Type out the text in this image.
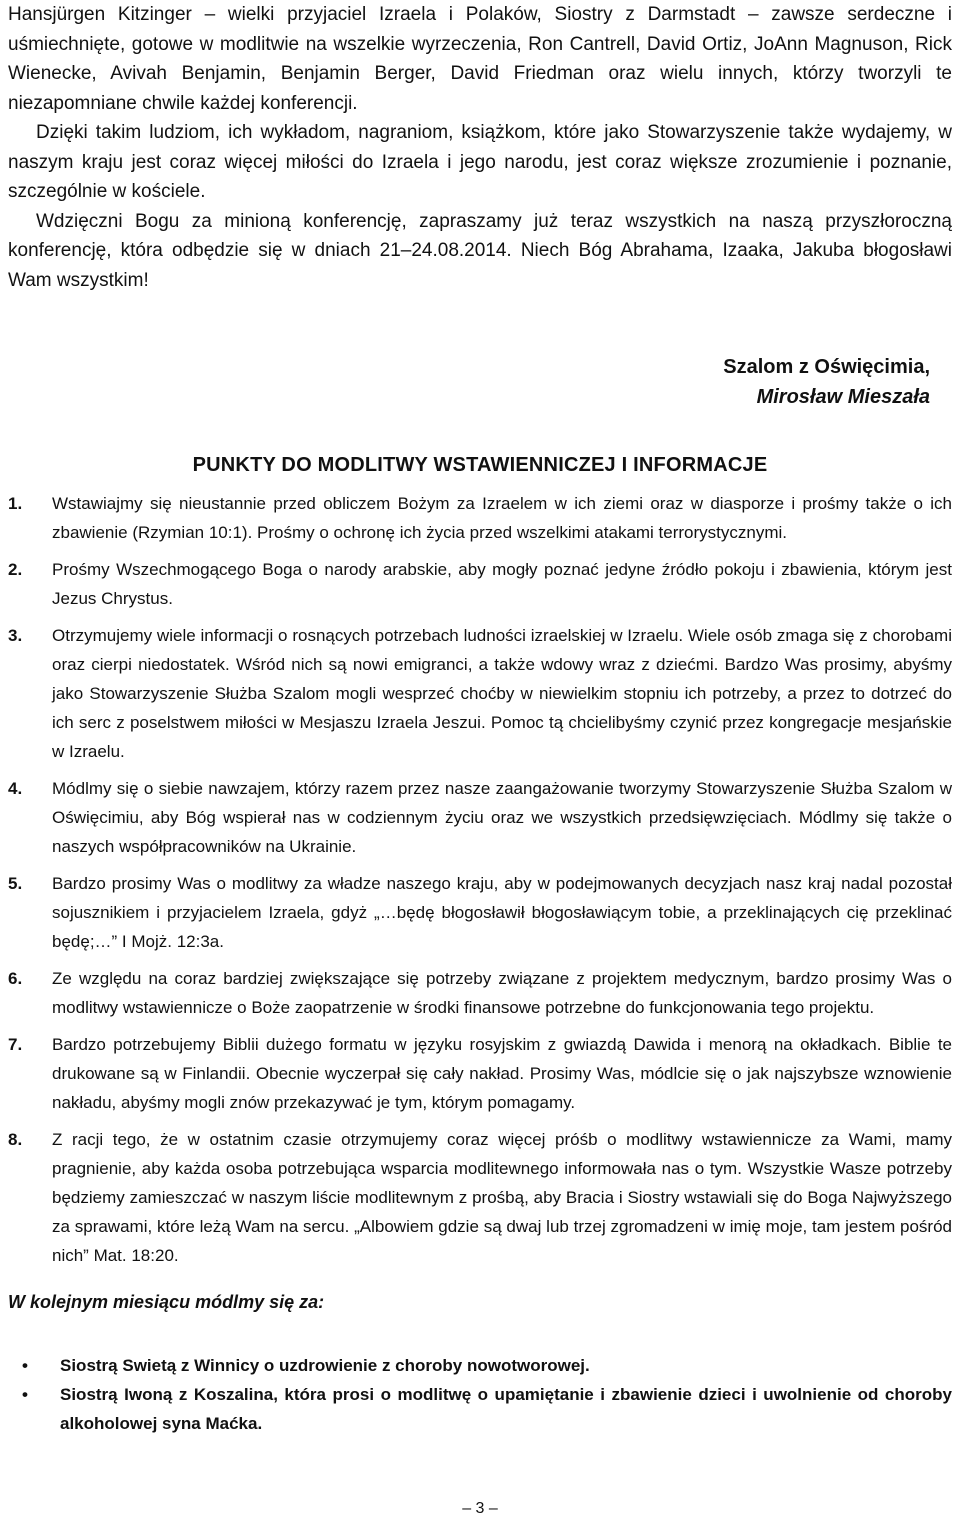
Hansjürgen Kitzinger – wielki przyjaciel Izraela i Polaków, Siostry z Darmstadt – zawsze serdeczne i uśmiechnięte, gotowe w modlitwie na wszelkie wyrzeczenia, Ron Cantrell, David Ortiz, JoAnn Magnuson, Rick Wienecke, Avivah Benjamin, Benjamin Berger, David Friedman oraz wielu innych, którzy tworzyli te niezapomniane chwile każdej konferencji.

Dzięki takim ludziom, ich wykładom, nagraniom, książkom, które jako Stowarzyszenie także wydajemy, w naszym kraju jest coraz więcej miłości do Izraela i jego narodu, jest coraz większe zrozumienie i poznanie, szczególnie w kościele.

Wdzięczni Bogu za minioną konferencję, zapraszamy już teraz wszystkich na naszą przyszłoroczną konferencję, która odbędzie się w dniach 21–24.08.2014. Niech Bóg Abrahama, Izaaka, Jakuba błogosławi Wam wszystkim!

Szalom z Oświęcimia,
Mirosław Mieszała
PUNKTY DO MODLITWY WSTAWIENNICZEJ I INFORMACJE
1.	Wstawiajmy się nieustannie przed obliczem Bożym za Izraelem w ich ziemi oraz w diasporze i prośmy także o ich zbawienie (Rzymian 10:1). Prośmy o ochronę ich życia przed wszelkimi atakami terrorystycznymi.
2.	Prośmy Wszechmogącego Boga o narody arabskie, aby mogły poznać jedyne źródło pokoju i zbawienia, którym jest Jezus Chrystus.
3.	Otrzymujemy wiele informacji o rosnących potrzebach ludności izraelskiej w Izraelu. Wiele osób zmaga się z chorobami oraz cierpi niedostatek. Wśród nich są nowi emigranci, a także wdowy wraz z dziećmi. Bardzo Was prosimy, abyśmy jako Stowarzyszenie Służba Szalom mogli wesprzeć choćby w niewielkim stopniu ich potrzeby, a przez to dotrzeć do ich serc z poselstwem miłości w Mesjaszu Izraela Jeszui. Pomoc tą chcielibyśmy czynić przez kongregacje mesjańskie w Izraelu.
4.	Módlmy się o siebie nawzajem, którzy razem przez nasze zaangażowanie tworzymy Stowarzyszenie Służba Szalom w Oświęcimiu, aby Bóg wspierał nas w codziennym życiu oraz we wszystkich przedsięwzięciach. Módlmy się także o naszych współpracowników na Ukrainie.
5.	Bardzo prosimy Was o modlitwy za władze naszego kraju, aby w podejmowanych decyzjach nasz kraj nadal pozostał sojusznikiem i przyjacielem Izraela, gdyż „…będę błogosławił błogosławiącym tobie, a przeklinających cię przeklinać będę;…” I Mojż. 12:3a.
6.	Ze względu na coraz bardziej zwiększające się potrzeby związane z projektem medycznym, bardzo prosimy Was o modlitwy wstawiennicze o Boże zaopatrzenie w środki finansowe potrzebne do funkcjonowania tego projektu.
7.	Bardzo potrzebujemy Biblii dużego formatu w języku rosyjskim z gwiazdą Dawida i menorą na okładkach. Biblie te drukowane są w Finlandii. Obecnie wyczerpał się cały nakład. Prosimy Was, módlcie się o jak najszybsze wznowienie nakładu, abyśmy mogli znów przekazywać je tym, którym pomagamy.
8.	Z racji tego, że w ostatnim czasie otrzymujemy coraz więcej próśb o modlitwy wstawiennicze za Wami, mamy pragnienie, aby każda osoba potrzebująca wsparcia modlitewnego informowała nas o tym. Wszystkie Wasze potrzeby będziemy zamieszczać w naszym liście modlitewnym z prośbą, aby Bracia i Siostry wstawiali się do Boga Najwyższego za sprawami, które leżą Wam na sercu. „Albowiem gdzie są dwaj lub trzej zgromadzeni w imię moje, tam jestem pośród nich” Mat. 18:20.
W kolejnym miesiącu módlmy się za:
•	Siostrą Swietą z Winnicy o uzdrowienie z choroby nowotworowej.
•	Siostrą Iwoną z Koszalina, która prosi o modlitwę o upamiętanie i zbawienie dzieci i uwolnienie od choroby alkoholowej syna Maćka.
– 3 –
